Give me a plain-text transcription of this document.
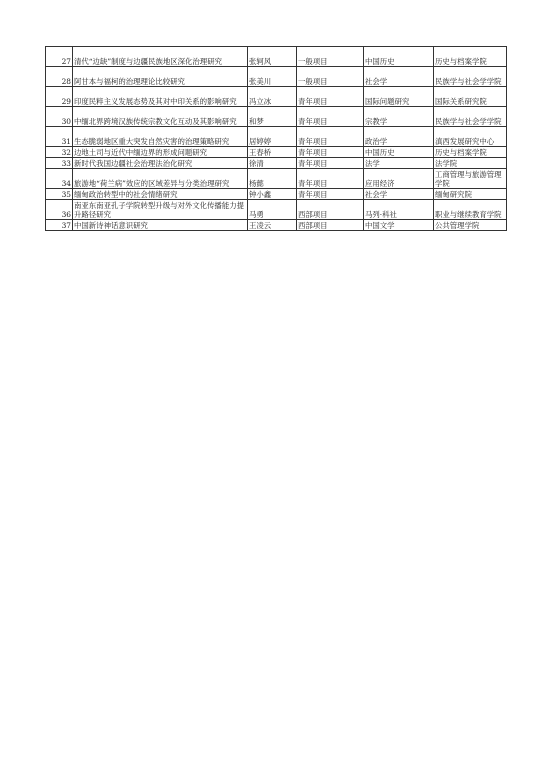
27	清代“边缺”制度与边疆民族地区深化治理研究	张轲风	一般项目	中国历史	历史与档案学院
28	阿甘本与福柯的治理理论比较研究	张美川	一般项目	社会学	民族学与社会学学院
29	印度民粹主义发展态势及其对中印关系的影响研究	冯立冰	青年项目	国际问题研究	国际关系研究院
30	中缅北界跨境汉族传统宗教文化互动及其影响研究	和梦	青年项目	宗教学	民族学与社会学学院
31	生态脆弱地区重大突发自然灾害的治理策略研究	居婷婷	青年项目	政治学	滇西发展研究中心
32	边地土司与近代中缅边界的形成问题研究	王春桥	青年项目	中国历史	历史与档案学院
33	新时代我国边疆社会治理法治化研究	徐清	青年项目	法学	法学院
34	旅游地“荷兰病”效应的区域差异与分类治理研究	杨懿	青年项目	应用经济	工商管理与旅游管理学院
35	缅甸政治转型中的社会情绪研究	钟小鑫	青年项目	社会学	缅甸研究院
36	南亚东南亚孔子学院转型升级与对外文化传播能力提升路径研究	马勇	西部项目	马列·科社	职业与继续教育学院
37	中国新诗神话意识研究	王凌云	西部项目	中国文学	公共管理学院
